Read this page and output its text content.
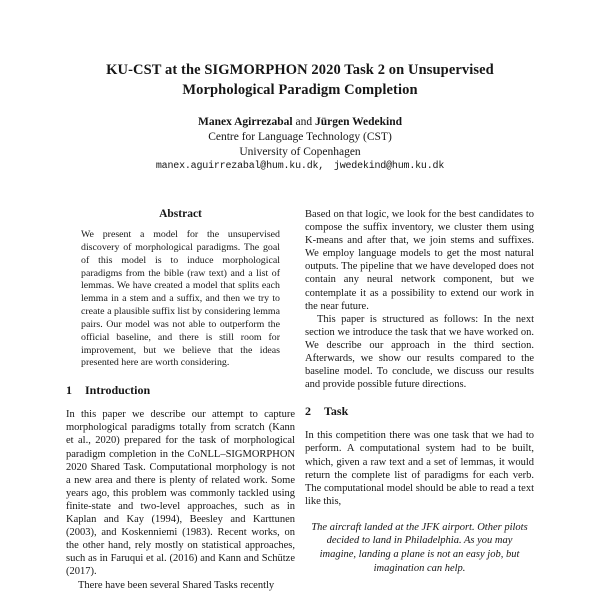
KU-CST at the SIGMORPHON 2020 Task 2 on Unsupervised
Morphological Paradigm Completion
Manex Agirrezabal and Jürgen Wedekind
Centre for Language Technology (CST)
University of Copenhagen
manex.aguirrezabal@hum.ku.dk, jwedekind@hum.ku.dk
Abstract

We present a model for the unsupervised discovery of morphological paradigms. The goal of this model is to induce morphological paradigms from the bible (raw text) and a list of lemmas. We have created a model that splits each lemma in a stem and a suffix, and then we try to create a plausible suffix list by considering lemma pairs. Our model was not able to outperform the official baseline, and there is still room for improvement, but we believe that the ideas presented here are worth considering.

1 Introduction

In this paper we describe our attempt to capture morphological paradigms totally from scratch (Kann et al., 2020) prepared for the task of morphological paradigm completion in the CoNLL–SIGMORPHON 2020 Shared Task. Computational morphology is not a new area and there is plenty of related work. Some years ago, this problem was commonly tackled using finite-state and two-level approaches, such as in Kaplan and Kay (1994), Beesley and Karttunen (2003), and Koskenniemi (1983). Recent works, on the other hand, rely mostly on statistical approaches, such as in Faruqui et al. (2016) and Kann and Schütze (2017).

There have been several Shared Tasks recently

Based on that logic, we look for the best candidates to compose the suffix inventory, we cluster them using K-means and after that, we join stems and suffixes. We employ language models to get the most natural outputs. The pipeline that we have developed does not contain any neural network component, but we contemplate it as a possibility to extend our work in the near future.

This paper is structured as follows: In the next section we introduce the task that we have worked on. We describe our approach in the third section. Afterwards, we show our results compared to the baseline model. To conclude, we discuss our results and provide possible future directions.

2 Task

In this competition there was one task that we had to perform. A computational system had to be built, which, given a raw text and a set of lemmas, it would return the complete list of paradigms for each verb. The computational model should be able to read a text like this,

The aircraft landed at the JFK airport. Other pilots decided to land in Philadelphia. As you may imagine, landing a plane is not an easy job, but imagination can help.
